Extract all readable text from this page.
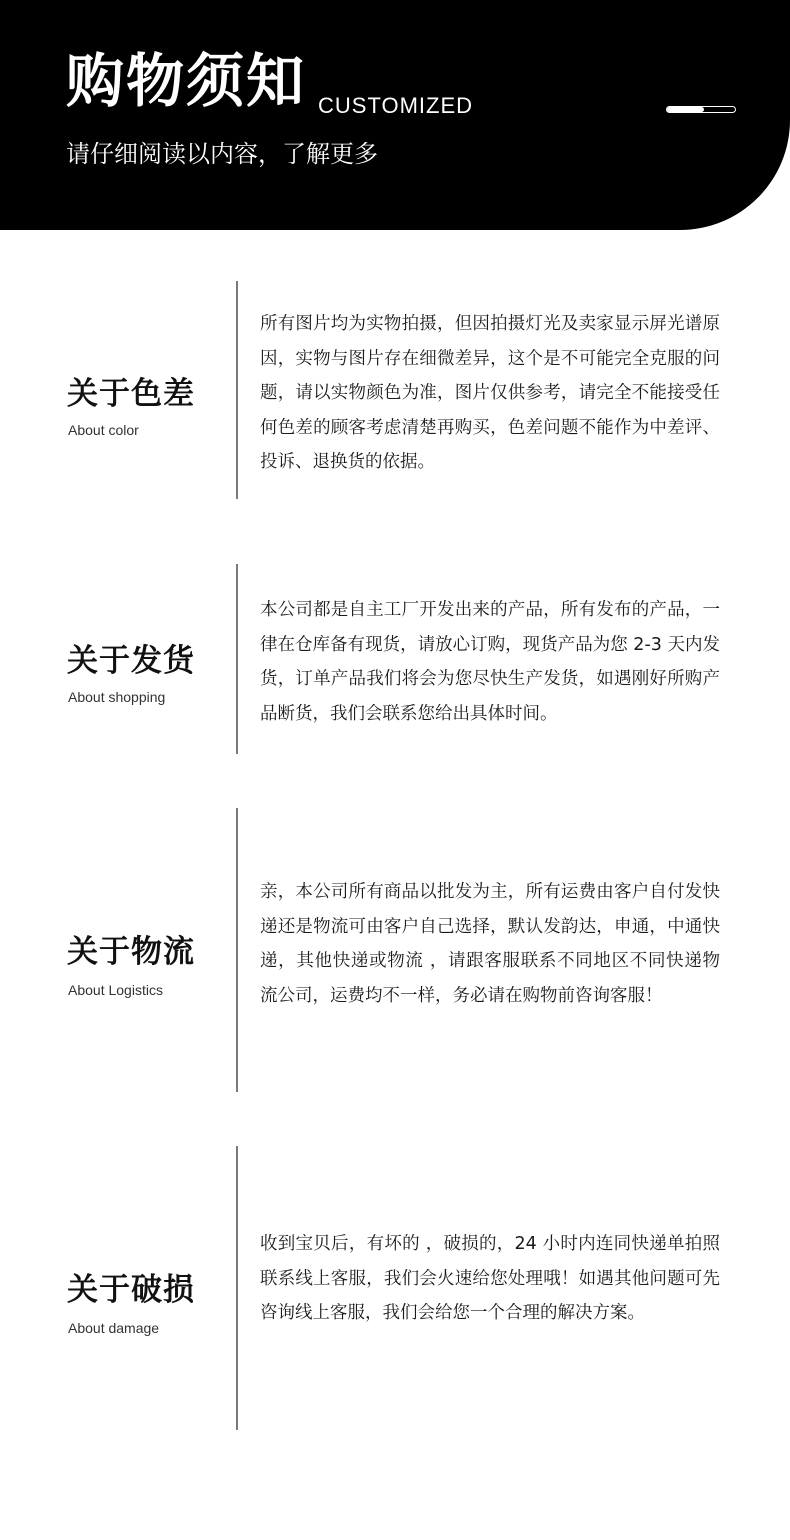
购物须知 CUSTOMIZED
请仔细阅读以内容，了解更多
关于色差
About color
所有图片均为实物拍摄，但因拍摄灯光及卖家显示屏光谱原因，实物与图片存在细微差异，这个是不可能完全克服的问题，请以实物颜色为准，图片仅供参考，请完全不能接受任何色差的顾客考虑清楚再购买，色差问题不能作为中差评、投诉、退换货的依据。
关于发货
About shopping
本公司都是自主工厂开发出来的产品，所有发布的产品，一律在仓库备有现货，请放心订购，现货产品为您 2-3 天内发货，订单产品我们将会为您尽快生产发货，如遇刚好所购产品断货，我们会联系您给出具体时间。
关于物流
About Logistics
亲，本公司所有商品以批发为主，所有运费由客户自付发快递还是物流可由客户自己选择，默认发韵达，申通，中通快递，其他快递或物流 ，请跟客服联系不同地区不同快递物流公司，运费均不一样，务必请在购物前咨询客服！
关于破损
About damage
收到宝贝后，有坏的 ，破损的，24 小时内连同快递单拍照联系线上客服，我们会火速给您处理哦！如遇其他问题可先咨询线上客服，我们会给您一个合理的解决方案。
